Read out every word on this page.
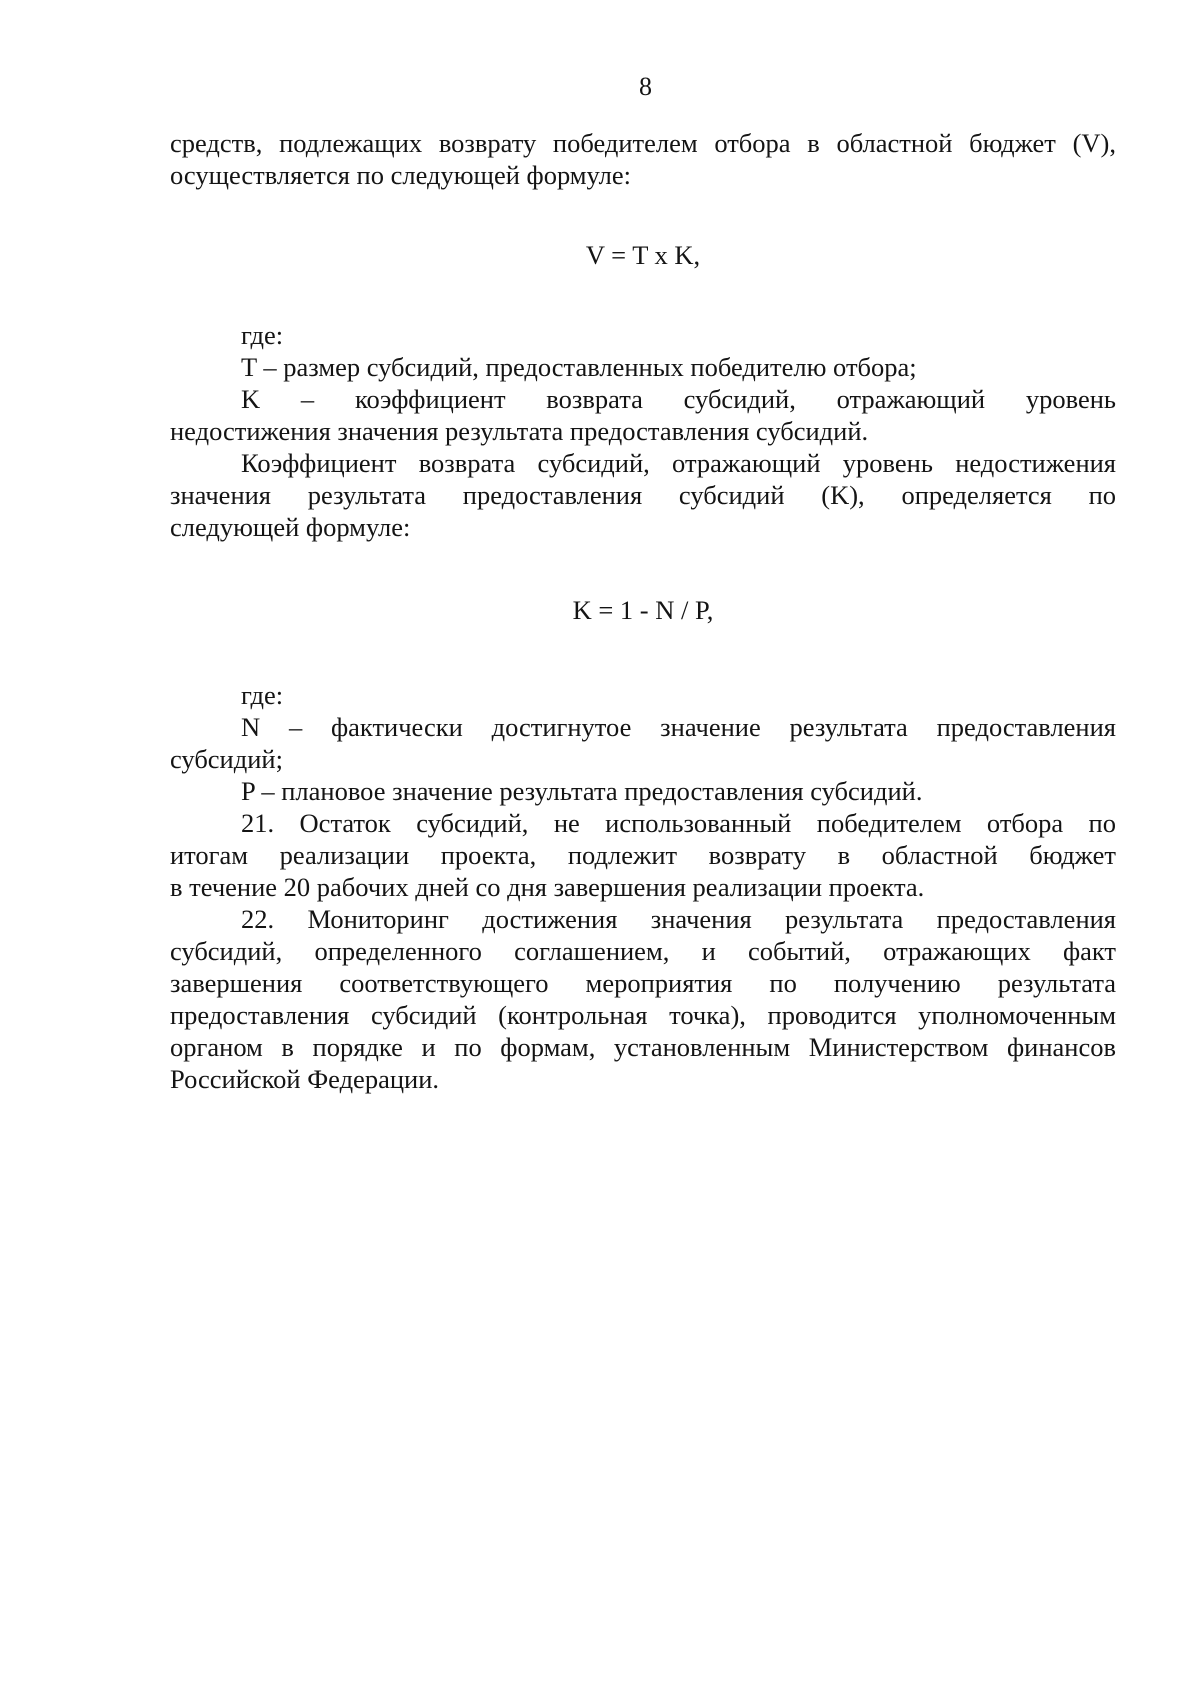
8
средств, подлежащих возврату победителем отбора в областной бюджет (V),
осуществляется по следующей формуле:
V = T x K,
где:
T – размер субсидий, предоставленных победителю отбора;
K – коэффициент возврата субсидий, отражающий уровень
недостижения значения результата предоставления субсидий.
Коэффициент возврата субсидий, отражающий уровень недостижения
значения результата предоставления субсидий (K), определяется по
следующей формуле:
K = 1 - N / P,
где:
N – фактически достигнутое значение результата предоставления
субсидий;
P – плановое значение результата предоставления субсидий.
21. Остаток субсидий, не использованный победителем отбора по
итогам реализации проекта, подлежит возврату в областной бюджет
в течение 20 рабочих дней со дня завершения реализации проекта.
22. Мониторинг достижения значения результата предоставления
субсидий, определенного соглашением, и событий, отражающих факт
завершения соответствующего мероприятия по получению результата
предоставления субсидий (контрольная точка), проводится уполномоченным
органом в порядке и по формам, установленным Министерством финансов
Российской Федерации.
